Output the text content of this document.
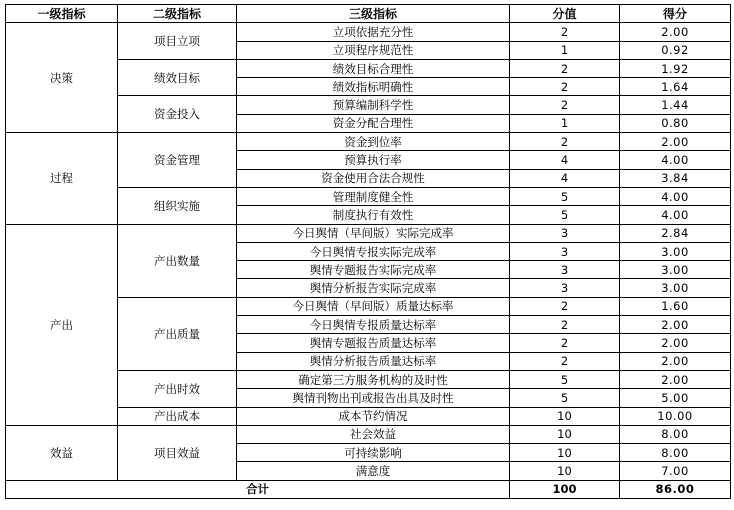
一级指标	二级指标	三级指标	分值	得分
决策	项目立项	立项依据充分性	2	2.00
		立项程序规范性	1	0.92
	绩效目标	绩效目标合理性	2	1.92
		绩效指标明确性	2	1.64
	资金投入	预算编制科学性	2	1.44
		资金分配合理性	1	0.80
过程	资金管理	资金到位率	2	2.00
		预算执行率	4	4.00
		资金使用合法合规性	4	3.84
	组织实施	管理制度健全性	5	4.00
		制度执行有效性	5	4.00
产出	产出数量	今日舆情（早间版）实际完成率	3	2.84
		今日舆情专报实际完成率	3	3.00
		舆情专题报告实际完成率	3	3.00
		舆情分析报告实际完成率	3	3.00
	产出质量	今日舆情（早间版）质量达标率	2	1.60
		今日舆情专报质量达标率	2	2.00
		舆情专题报告质量达标率	2	2.00
		舆情分析报告质量达标率	2	2.00
	产出时效	确定第三方服务机构的及时性	5	2.00
		舆情刊物出刊或报告出具及时性	5	5.00
	产出成本	成本节约情况	10	10.00
效益	项目效益	社会效益	10	8.00
		可持续影响	10	8.00
		满意度	10	7.00
合计			100	86.00
